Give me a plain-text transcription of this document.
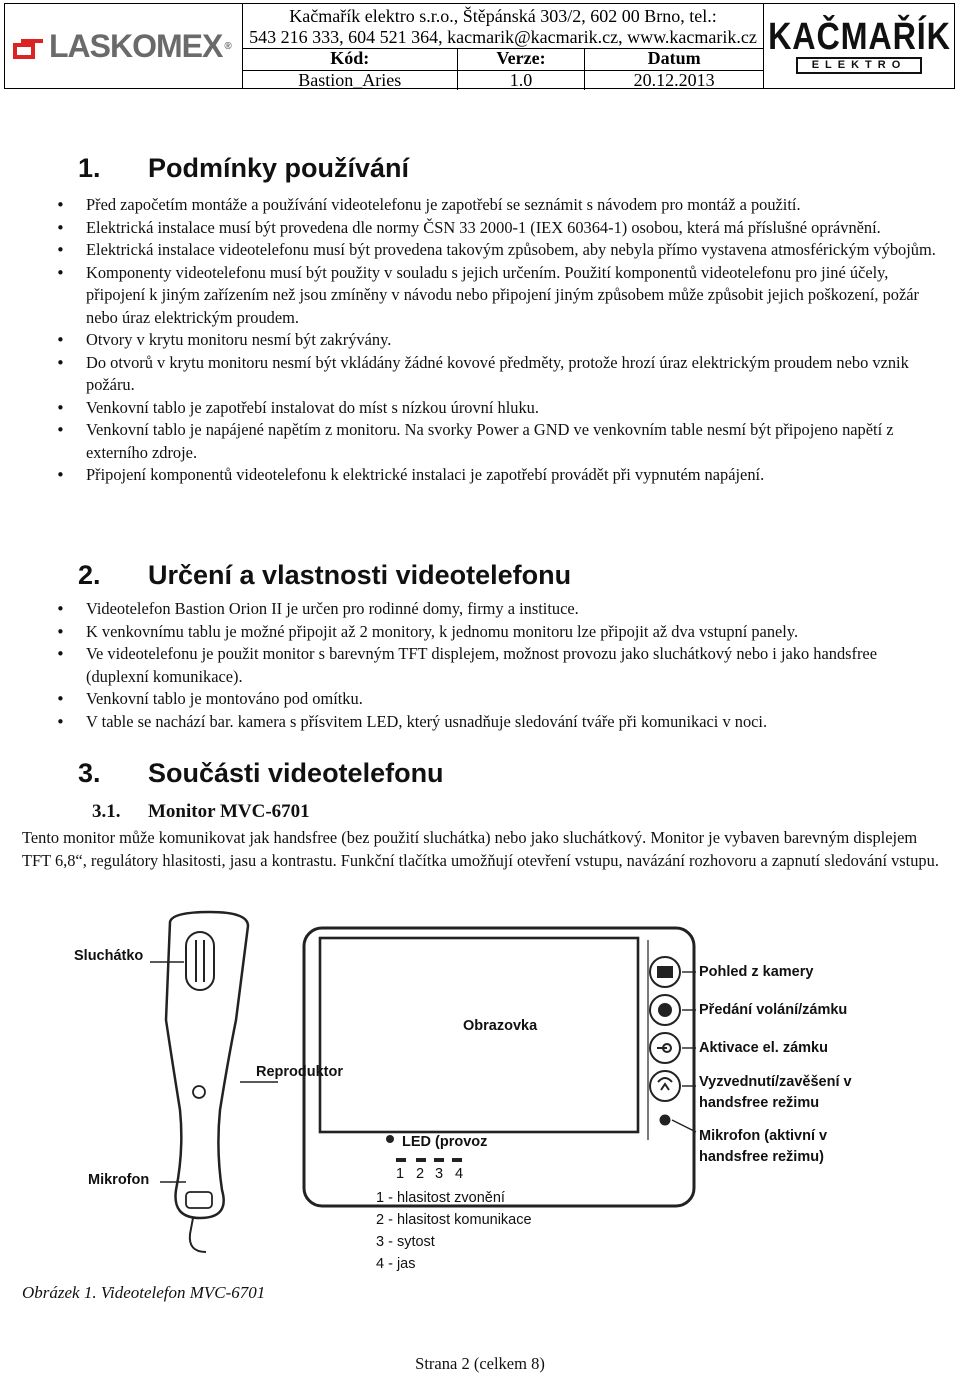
LASKOMEX ®
Kačmařík elektro s.r.o., Štěpánská 303/2, 602 00 Brno, tel.:
543 216 333, 604 521 364, kacmarik@kacmarik.cz, www.kacmarik.cz
Kód:	Verze:	Datum
Bastion_Aries	1.0	20.12.2013
KAČMAŘÍK
ELEKTRO
1. Podmínky používání
• Před započetím montáže a používání videotelefonu je zapotřebí se seznámit s návodem pro montáž a použití.
• Elektrická instalace musí být provedena dle normy ČSN 33 2000-1 (IEX 60364-1) osobou, která má příslušné oprávnění.
• Elektrická instalace videotelefonu musí být provedena takovým způsobem, aby nebyla přímo vystavena atmosférickým výbojům.
• Komponenty videotelefonu musí být použity v souladu s jejich určením. Použití komponentů videotelefonu pro jiné účely, připojení k jiným zařízením než jsou zmíněny v návodu nebo připojení jiným způsobem může způsobit jejich poškození, požár nebo úraz elektrickým proudem.
• Otvory v krytu monitoru nesmí být zakrývány.
• Do otvorů v krytu monitoru nesmí být vkládány žádné kovové předměty, protože hrozí úraz elektrickým proudem nebo vznik požáru.
• Venkovní tablo je zapotřebí instalovat do míst s nízkou úrovní hluku.
• Venkovní tablo je napájené napětím z monitoru. Na svorky Power a GND ve venkovním table nesmí být připojeno napětí z externího zdroje.
• Připojení komponentů videotelefonu k elektrické instalaci je zapotřebí provádět při vypnutém napájení.
2. Určení a vlastnosti videotelefonu
• Videotelefon Bastion Orion II je určen pro rodinné domy, firmy a instituce.
• K venkovnímu tablu je možné připojit až 2 monitory, k jednomu monitoru lze připojit až dva vstupní panely.
• Ve videotelefonu je použit monitor s barevným TFT displejem, možnost provozu jako sluchátkový nebo i jako handsfree (duplexní komunikace).
• Venkovní tablo je montováno pod omítku.
• V table se nachází bar. kamera s přísvitem LED, který usnadňuje sledování tváře při komunikaci v noci.
3. Součásti videotelefonu

3.1. Monitor MVC-6701

Tento monitor může komunikovat jak handsfree (bez použití sluchátka) nebo jako sluchátkový. Monitor je vybaven barevným displejem TFT 6,8“, regulátory hlasitosti, jasu a kontrastu. Funkční tlačítka umožňují otevření vstupu, navázání rozhovoru a zapnutí sledování vstupu.

Sluchátko
Reproduktor
Mikrofon
Obrazovka
LED (provoz
1 2 3 4
1 - hlasitost zvonění
2 - hlasitost komunikace
3 - sytost
4 - jas
Pohled z kamery
Předání volání/zámku
Aktivace el. zámku
Vyzvednutí/zavěšení v handsfree režimu
Mikrofon (aktivní v handsfree režimu)
Obrázek 1. Videotelefon MVC-6701
Strana 2 (celkem 8)
